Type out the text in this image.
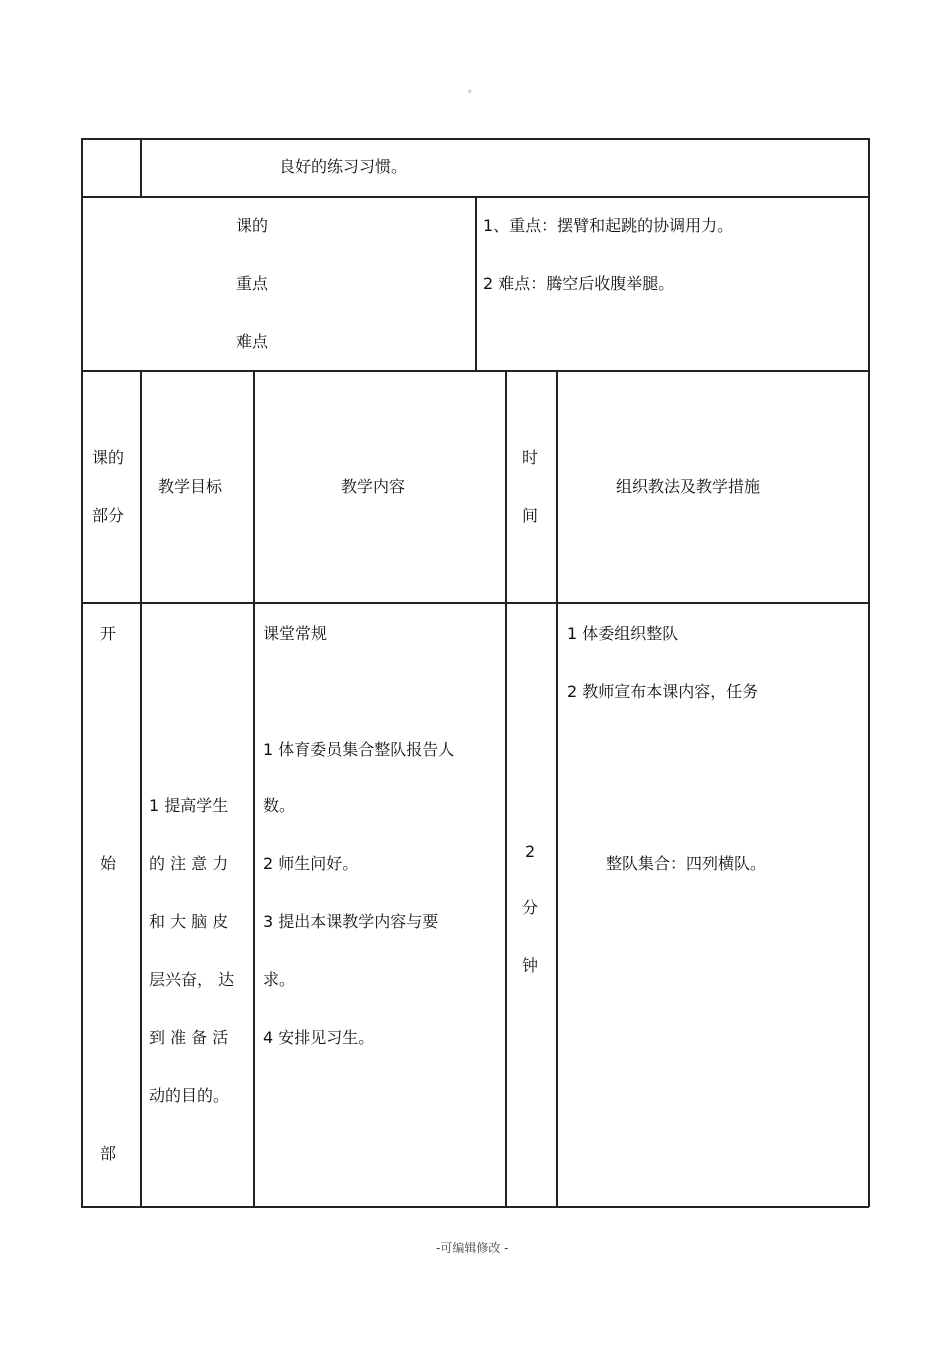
。
良好的练习习惯。
课的
重点
难点
1、重点：摆臂和起跳的协调用力。
2 难点：腾空后收腹举腿。
课的
部分
教学目标	教学内容
时
间
组织教法及教学措施
开
始
部
1 提高学生
的 注 意 力
和 大 脑 皮
层兴奋， 达
到 准 备 活
动的目的。
课堂常规
1 体育委员集合整队报告人
数。
2 师生问好。
3 提出本课教学内容与要
求。
4 安排见习生。
2
分
钟
1 体委组织整队
2 教师宣布本课内容，任务
整队集合：四列横队。
-可编辑修改 -
